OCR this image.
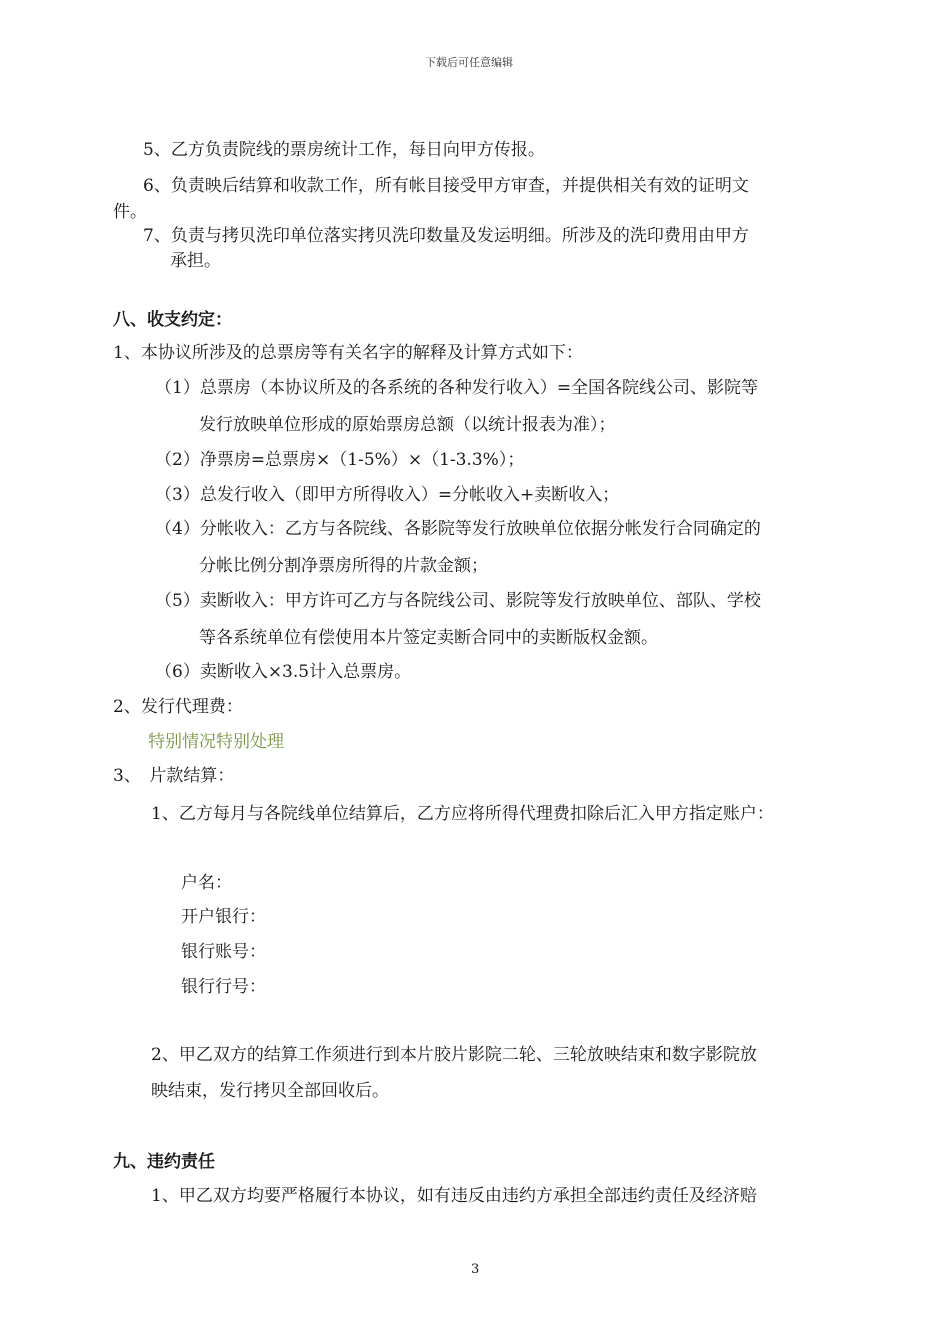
下载后可任意编辑
5、乙方负责院线的票房统计工作，每日向甲方传报。
6、负责映后结算和收款工作，所有帐目接受甲方审查，并提供相关有效的证明文
件。
7、负责与拷贝洗印单位落实拷贝洗印数量及发运明细。所涉及的洗印费用由甲方
承担。
八、收支约定：
1、本协议所涉及的总票房等有关名字的解释及计算方式如下：
（1）总票房（本协议所及的各系统的各种发行收入）=全国各院线公司、影院等
发行放映单位形成的原始票房总额（以统计报表为准）；
（2）净票房=总票房×（1-5%）×（1-3.3%）；
（3）总发行收入（即甲方所得收入）=分帐收入+卖断收入；
（4）分帐收入：乙方与各院线、各影院等发行放映单位依据分帐发行合同确定的
分帐比例分割净票房所得的片款金额；
（5）卖断收入：甲方许可乙方与各院线公司、影院等发行放映单位、部队、学校
等各系统单位有偿使用本片签定卖断合同中的卖断版权金额。
（6）卖断收入×3.5计入总票房。
2、发行代理费：
特别情况特别处理
3、　片款结算：
1、乙方每月与各院线单位结算后，乙方应将所得代理费扣除后汇入甲方指定账户：
户名：
开户银行：
银行账号：
银行行号：
2、甲乙双方的结算工作须进行到本片胶片影院二轮、三轮放映结束和数字影院放
映结束，发行拷贝全部回收后。
九、违约责任
1、甲乙双方均要严格履行本协议，如有违反由违约方承担全部违约责任及经济赔
3
